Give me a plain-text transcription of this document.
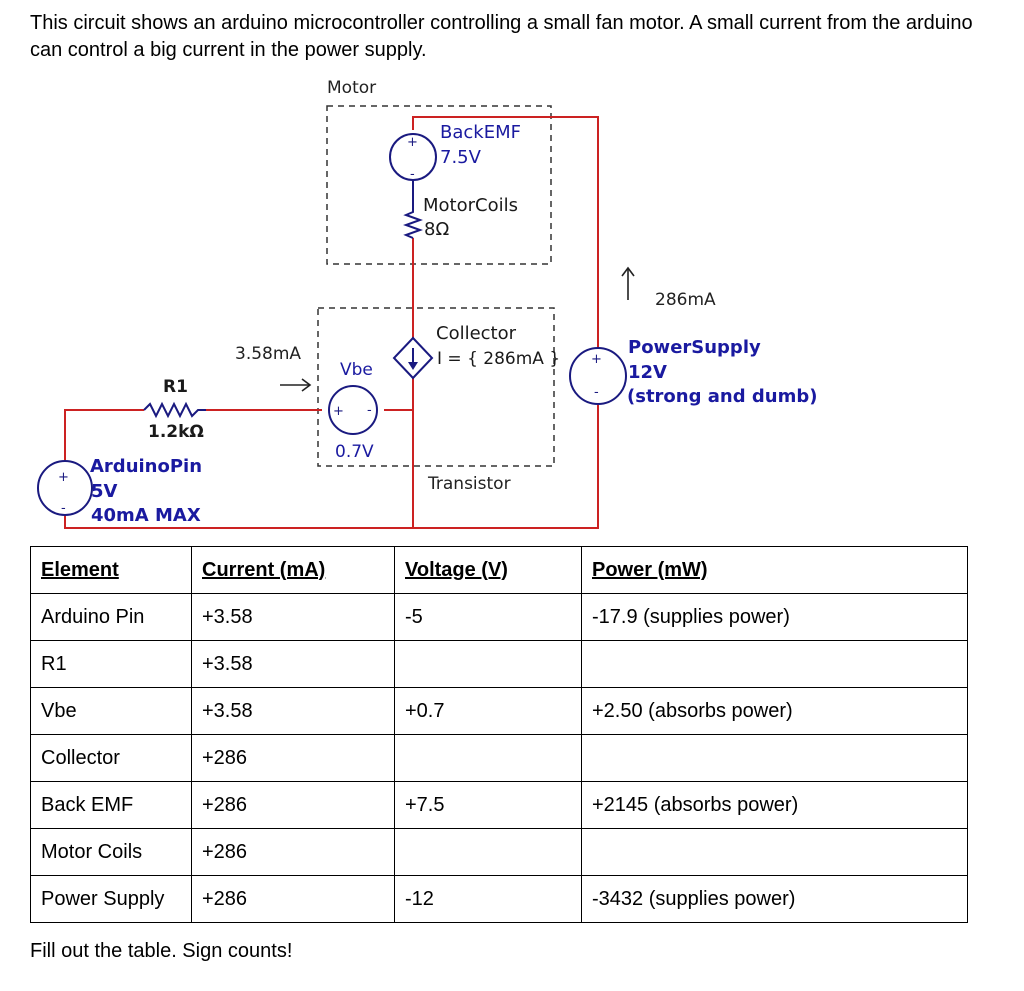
This circuit shows an arduino microcontroller controlling a small fan motor. A small current from the arduino can control a big current in the power supply.
Motor
+
-
BackEMF
7.5V
MotorCoils
8Ω
Collector
I = { 286mA }
3.58mA
Vbe
+ -
0.7V
Transistor
R1
1.2kΩ
+
-
ArduinoPin
5V
40mA MAX
286mA
+
-
PowerSupply
12V
(strong and dumb)
Element	Current (mA)	Voltage (V)	Power (mW)
Arduino Pin	+3.58	-5	-17.9 (supplies power)
R1	+3.58		
Vbe	+3.58	+0.7	+2.50 (absorbs power)
Collector	+286		
Back EMF	+286	+7.5	+2145 (absorbs power)
Motor Coils	+286		
Power Supply	+286	-12	-3432 (supplies power)
Fill out the table. Sign counts!
